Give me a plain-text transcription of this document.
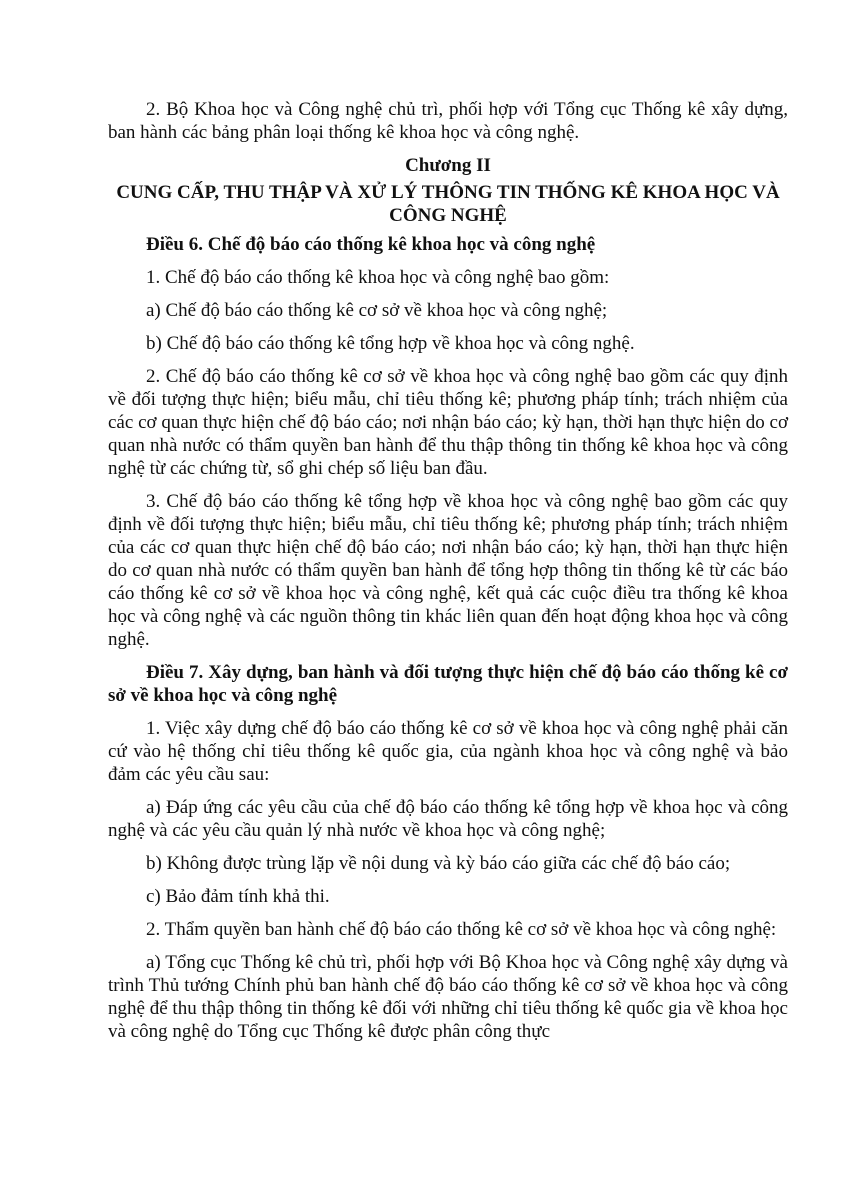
2. Bộ Khoa học và Công nghệ chủ trì, phối hợp với Tổng cục Thống kê xây dựng, ban hành các bảng phân loại thống kê khoa học và công nghệ.

Chương II
CUNG CẤP, THU THẬP VÀ XỬ LÝ THÔNG TIN THỐNG KÊ KHOA HỌC VÀ CÔNG NGHỆ

Điều 6. Chế độ báo cáo thống kê khoa học và công nghệ

1. Chế độ báo cáo thống kê khoa học và công nghệ bao gồm:

a) Chế độ báo cáo thống kê cơ sở về khoa học và công nghệ;

b) Chế độ báo cáo thống kê tổng hợp về khoa học và công nghệ.

2. Chế độ báo cáo thống kê cơ sở về khoa học và công nghệ bao gồm các quy định về đối tượng thực hiện; biểu mẫu, chỉ tiêu thống kê; phương pháp tính; trách nhiệm của các cơ quan thực hiện chế độ báo cáo; nơi nhận báo cáo; kỳ hạn, thời hạn thực hiện do cơ quan nhà nước có thẩm quyền ban hành để thu thập thông tin thống kê khoa học và công nghệ từ các chứng từ, sổ ghi chép số liệu ban đầu.

3. Chế độ báo cáo thống kê tổng hợp về khoa học và công nghệ bao gồm các quy định về đối tượng thực hiện; biểu mẫu, chỉ tiêu thống kê; phương pháp tính; trách nhiệm của các cơ quan thực hiện chế độ báo cáo; nơi nhận báo cáo; kỳ hạn, thời hạn thực hiện do cơ quan nhà nước có thẩm quyền ban hành để tổng hợp thông tin thống kê từ các báo cáo thống kê cơ sở về khoa học và công nghệ, kết quả các cuộc điều tra thống kê khoa học và công nghệ và các nguồn thông tin khác liên quan đến hoạt động khoa học và công nghệ.

Điều 7. Xây dựng, ban hành và đối tượng thực hiện chế độ báo cáo thống kê cơ sở về khoa học và công nghệ

1. Việc xây dựng chế độ báo cáo thống kê cơ sở về khoa học và công nghệ phải căn cứ vào hệ thống chỉ tiêu thống kê quốc gia, của ngành khoa học và công nghệ và bảo đảm các yêu cầu sau:

a) Đáp ứng các yêu cầu của chế độ báo cáo thống kê tổng hợp về khoa học và công nghệ và các yêu cầu quản lý nhà nước về khoa học và công nghệ;

b) Không được trùng lặp về nội dung và kỳ báo cáo giữa các chế độ báo cáo;

c) Bảo đảm tính khả thi.

2. Thẩm quyền ban hành chế độ báo cáo thống kê cơ sở về khoa học và công nghệ:

a) Tổng cục Thống kê chủ trì, phối hợp với Bộ Khoa học và Công nghệ xây dựng và trình Thủ tướng Chính phủ ban hành chế độ báo cáo thống kê cơ sở về khoa học và công nghệ để thu thập thông tin thống kê đối với những chỉ tiêu thống kê quốc gia về khoa học và công nghệ do Tổng cục Thống kê được phân công thực
